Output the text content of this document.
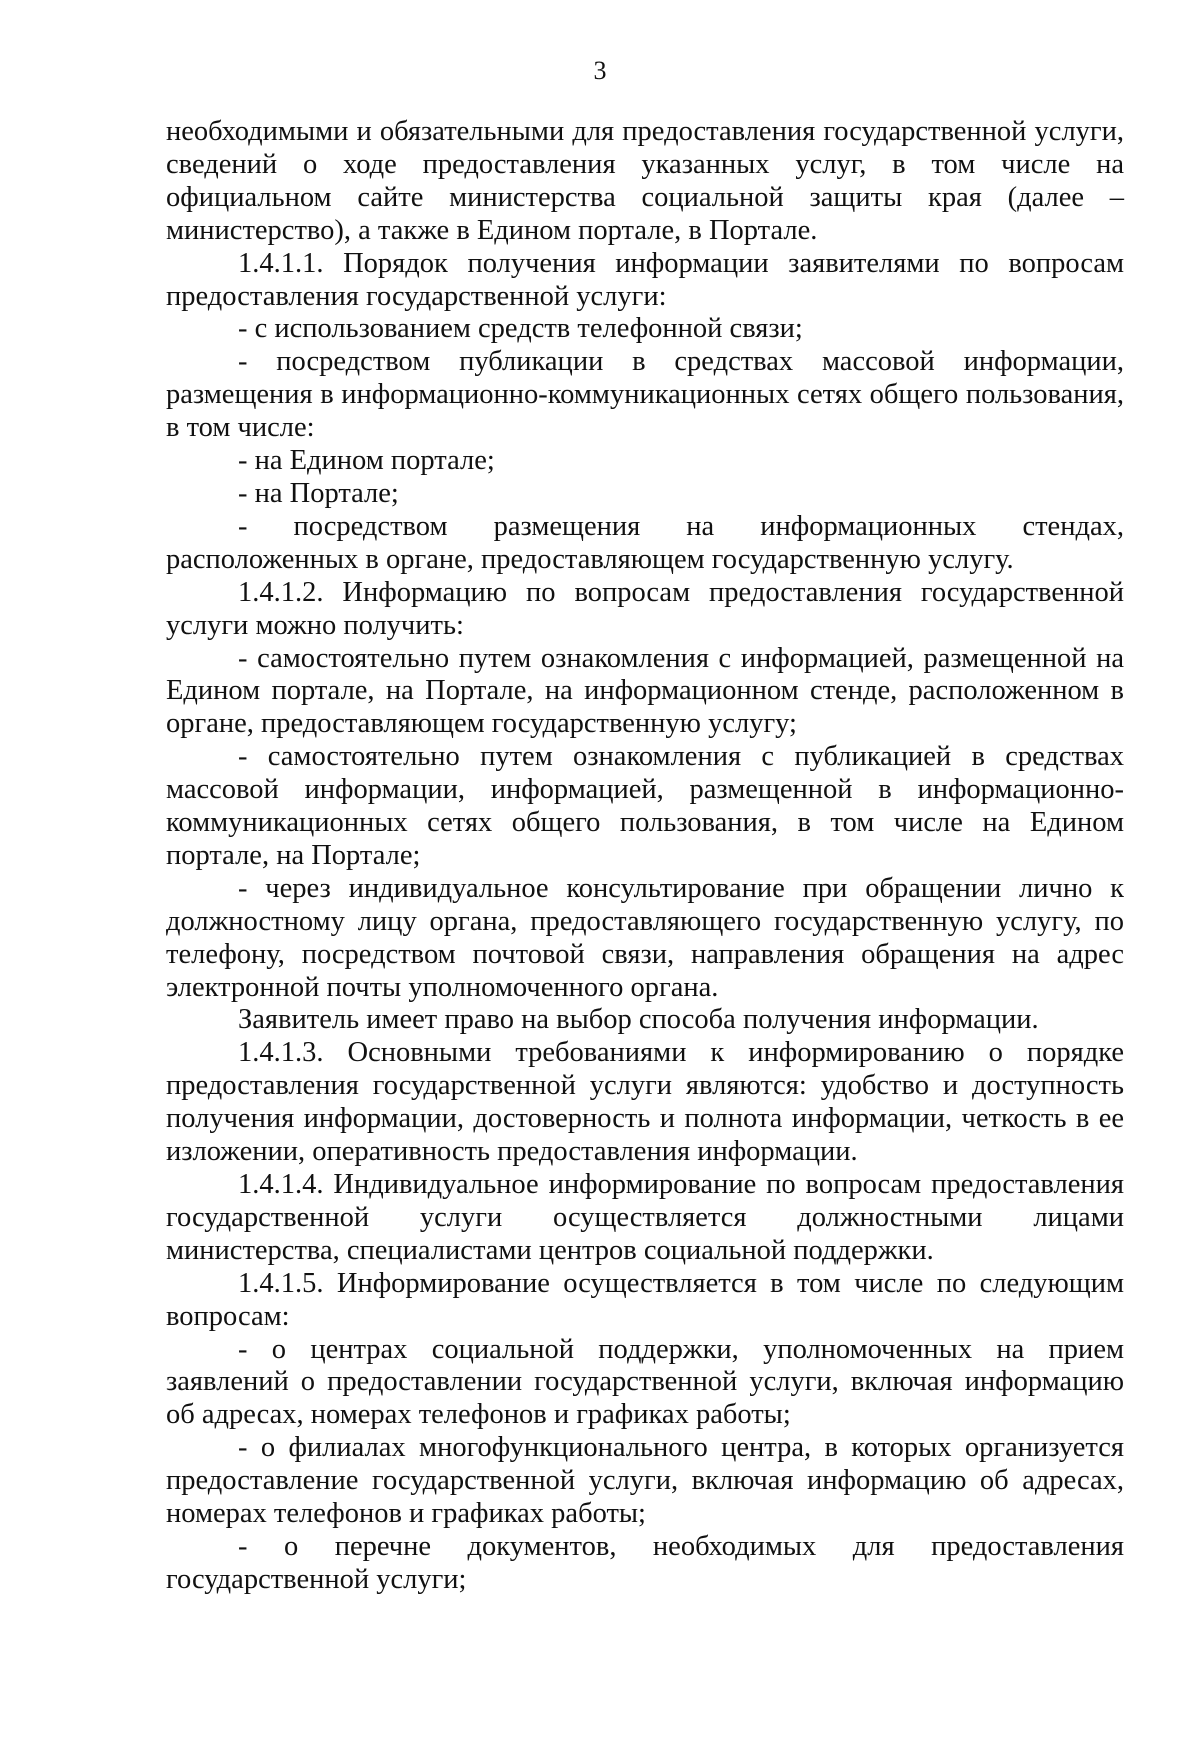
3

необходимыми и обязательными для предоставления государственной услуги, сведений о ходе предоставления указанных услуг, в том числе на официальном сайте министерства социальной защиты края (далее – министерство), а также в Едином портале, в Портале.

1.4.1.1. Порядок получения информации заявителями по вопросам предоставления государственной услуги:

- с использованием средств телефонной связи;

- посредством публикации в средствах массовой информации, размещения в информационно-коммуникационных сетях общего пользования, в том числе:

- на Едином портале;

- на Портале;

- посредством размещения на информационных стендах, расположенных в органе, предоставляющем государственную услугу.

1.4.1.2. Информацию по вопросам предоставления государственной услуги можно получить:

- самостоятельно путем ознакомления с информацией, размещенной на Едином портале, на Портале, на информационном стенде, расположенном в органе, предоставляющем государственную услугу;

- самостоятельно путем ознакомления с публикацией в средствах массовой информации, информацией, размещенной в информационно-коммуникационных сетях общего пользования, в том числе на Едином портале, на Портале;

- через индивидуальное консультирование при обращении лично к должностному лицу органа, предоставляющего государственную услугу, по телефону, посредством почтовой связи, направления обращения на адрес электронной почты уполномоченного органа.

Заявитель имеет право на выбор способа получения информации.

1.4.1.3. Основными требованиями к информированию о порядке предоставления государственной услуги являются: удобство и доступность получения информации, достоверность и полнота информации, четкость в ее изложении, оперативность предоставления информации.

1.4.1.4. Индивидуальное информирование по вопросам предоставления государственной услуги осуществляется должностными лицами министерства, специалистами центров социальной поддержки.

1.4.1.5. Информирование осуществляется в том числе по следующим вопросам:

- о центрах социальной поддержки, уполномоченных на прием заявлений о предоставлении государственной услуги, включая информацию об адресах, номерах телефонов и графиках работы;

- о филиалах многофункционального центра, в которых организуется предоставление государственной услуги, включая информацию об адресах, номерах телефонов и графиках работы;

- о перечне документов, необходимых для предоставления государственной услуги;
